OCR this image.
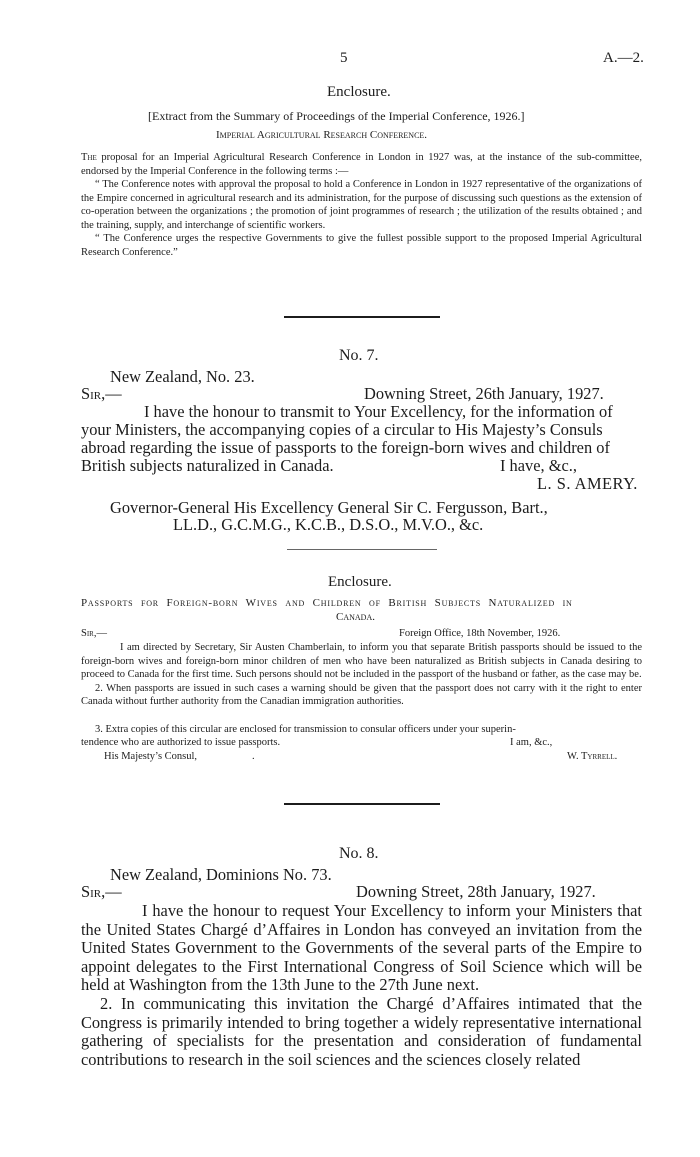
5	A.—2.
Enclosure.
[Extract from the Summary of Proceedings of the Imperial Conference, 1926.]
Imperial Agricultural Research Conference.

The proposal for an Imperial Agricultural Research Conference in London in 1927 was, at the instance of the sub-committee, endorsed by the Imperial Conference in the following terms :—

“ The Conference notes with approval the proposal to hold a Conference in London in 1927 representative of the organizations of the Empire concerned in agricultural research and its administration, for the purpose of discussing such questions as the extension of co-operation between the organizations ; the promotion of joint programmes of research ; the utilization of the results obtained ; and the training, supply, and interchange of scientific workers.

“ The Conference urges the respective Governments to give the fullest possible support to the proposed Imperial Agricultural Research Conference.”

No. 7.
New Zealand, No. 23.
Sir,—	Downing Street, 26th January, 1927.
I have the honour to transmit to Your Excellency, for the information of
your Ministers, the accompanying copies of a circular to His Majesty’s Consuls
abroad regarding the issue of passports to the foreign-born wives and children of
British subjects naturalized in Canada.	I have, &c.,
L. S. AMERY.
Governor-General His Excellency General Sir C. Fergusson, Bart.,
LL.D., G.C.M.G., K.C.B., D.S.O., M.V.O., &c.
Enclosure.
Passports for Foreign-born Wives and Children of British Subjects Naturalized in
Canada.
Sir,—	Foreign Office, 18th November, 1926.

I am directed by Secretary, Sir Austen Chamberlain, to inform you that separate British passports should be issued to the foreign-born wives and foreign-born minor children of men who have been naturalized as British subjects in Canada desiring to proceed to Canada for the first time. Such persons should not be included in the passport of the husband or father, as the case may be.

2. When passports are issued in such cases a warning should be given that the passport does not carry with it the right to enter Canada without further authority from the Canadian immigration authorities.

3. Extra copies of this circular are enclosed for transmission to consular officers under your superin-
tendence who are authorized to issue passports.	I am, &c.,
His Majesty’s Consul,	.	W. Tyrrell.
No. 8.
New Zealand, Dominions No. 73.
Sir,—	Downing Street, 28th January, 1927.

I have the honour to request Your Excellency to inform your Ministers that the United States Chargé d’Affaires in London has conveyed an invitation from the United States Government to the Governments of the several parts of the Empire to appoint delegates to the First International Congress of Soil Science which will be held at Washington from the 13th June to the 27th June next.

2. In communicating this invitation the Chargé d’Affaires intimated that the Congress is primarily intended to bring together a widely representative international gathering of specialists for the presentation and consideration of fundamental contributions to research in the soil sciences and the sciences closely related
